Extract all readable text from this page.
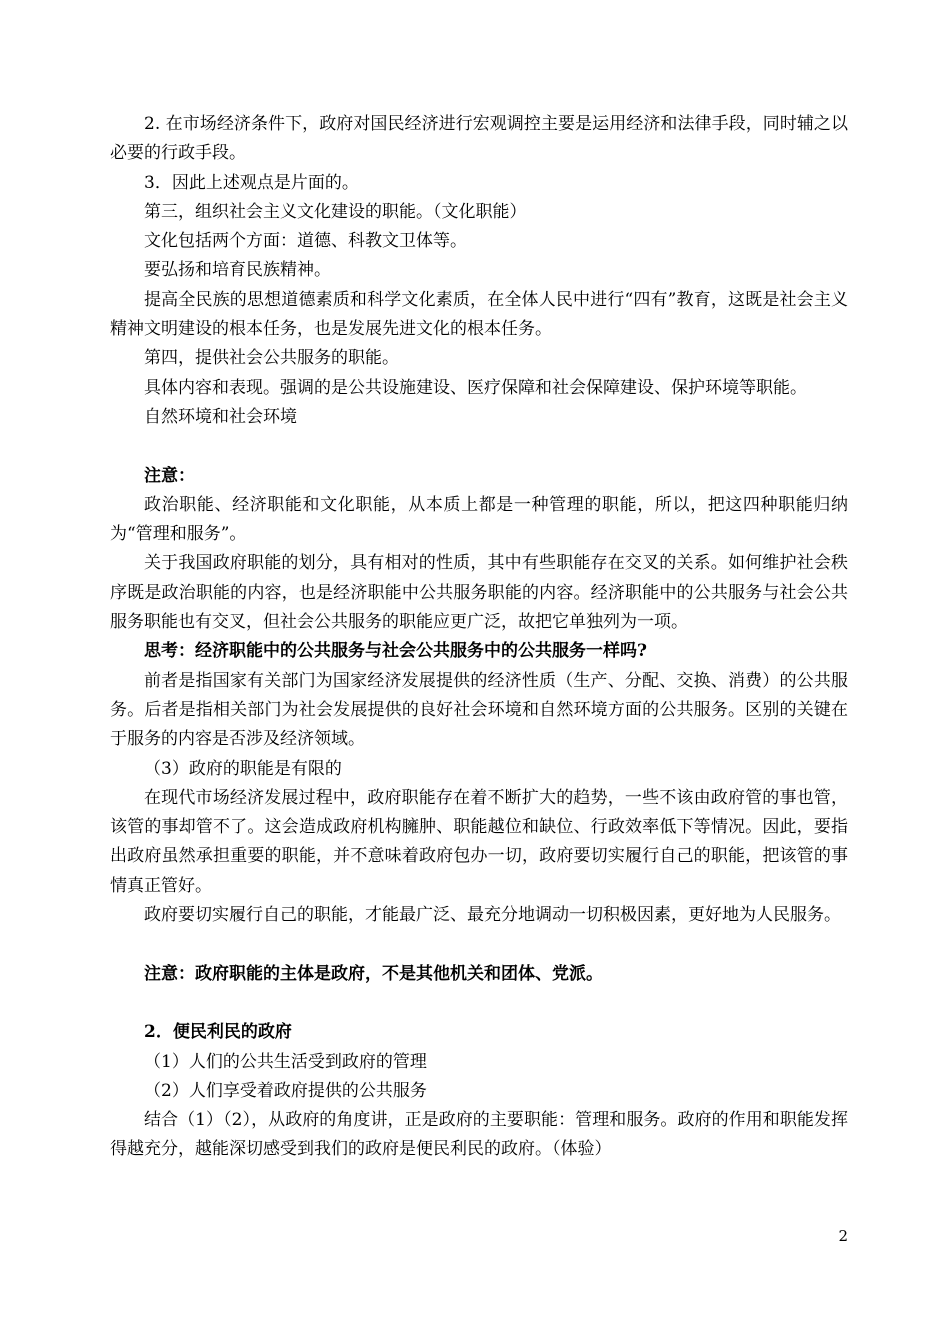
2. 在市场经济条件下，政府对国民经济进行宏观调控主要是运用经济和法律手段，同时辅之以必要的行政手段。

3．因此上述观点是片面的。

第三，组织社会主义文化建设的职能。（文化职能）

文化包括两个方面：道德、科教文卫体等。

要弘扬和培育民族精神。

提高全民族的思想道德素质和科学文化素质，在全体人民中进行“四有”教育，这既是社会主义精神文明建设的根本任务，也是发展先进文化的根本任务。

第四，提供社会公共服务的职能。

具体内容和表现。强调的是公共设施建设、医疗保障和社会保障建设、保护环境等职能。

自然环境和社会环境

注意：

政治职能、经济职能和文化职能，从本质上都是一种管理的职能，所以，把这四种职能归纳为“管理和服务”。

关于我国政府职能的划分，具有相对的性质，其中有些职能存在交叉的关系。如何维护社会秩序既是政治职能的内容，也是经济职能中公共服务职能的内容。经济职能中的公共服务与社会公共服务职能也有交叉，但社会公共服务的职能应更广泛，故把它单独列为一项。

思考：经济职能中的公共服务与社会公共服务中的公共服务一样吗?

前者是指国家有关部门为国家经济发展提供的经济性质（生产、分配、交换、消费）的公共服务。后者是指相关部门为社会发展提供的良好社会环境和自然环境方面的公共服务。区别的关键在于服务的内容是否涉及经济领域。

（3）政府的职能是有限的

在现代市场经济发展过程中，政府职能存在着不断扩大的趋势，一些不该由政府管的事也管，该管的事却管不了。这会造成政府机构臃肿、职能越位和缺位、行政效率低下等情况。因此，要指出政府虽然承担重要的职能，并不意味着政府包办一切，政府要切实履行自己的职能，把该管的事情真正管好。

政府要切实履行自己的职能，才能最广泛、最充分地调动一切积极因素，更好地为人民服务。

注意：政府职能的主体是政府，不是其他机关和团体、党派。

2．便民利民的政府

（1）人们的公共生活受到政府的管理

（2）人们享受着政府提供的公共服务

结合（1）（2），从政府的角度讲，正是政府的主要职能：管理和服务。政府的作用和职能发挥得越充分，越能深切感受到我们的政府是便民利民的政府。（体验）

2
